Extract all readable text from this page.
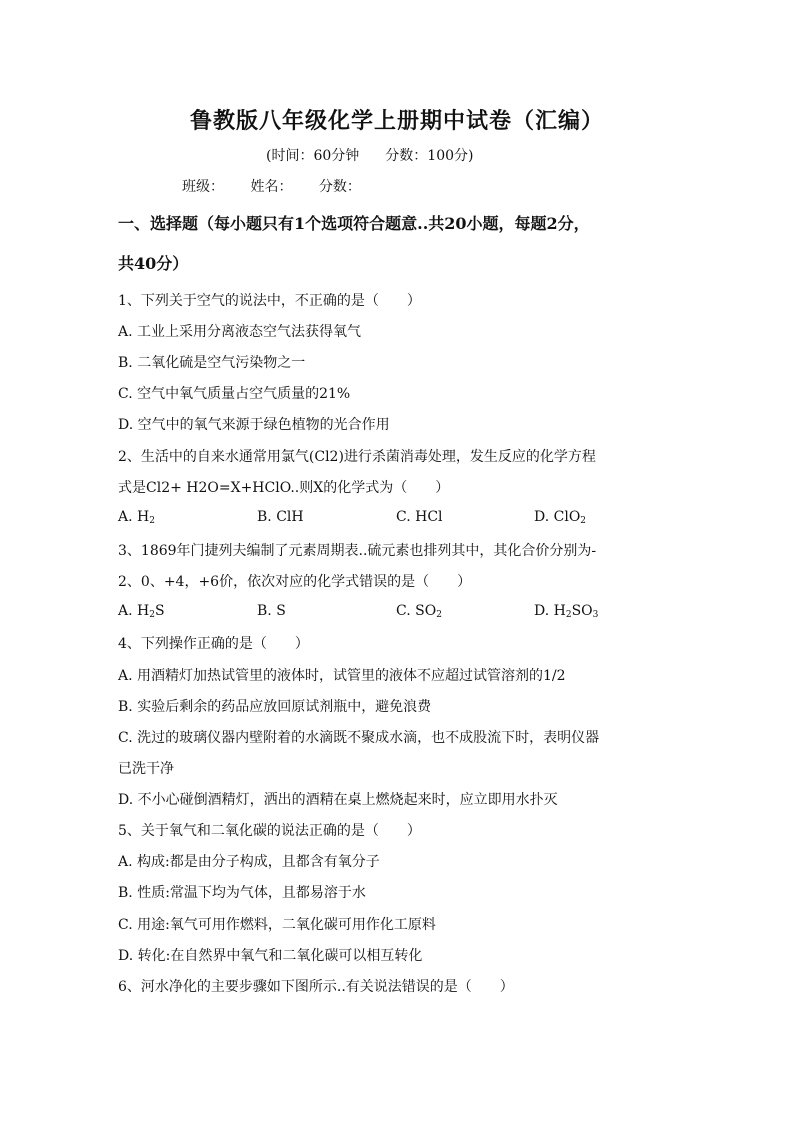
鲁教版八年级化学上册期中试卷（汇编）
(时间：60分钟 分数：100分)
班级： 姓名： 分数：
一、选择题（每小题只有1个选项符合题意..共20小题，每题2分，
共40分）
1、下列关于空气的说法中，不正确的是（　　）
A. 工业上采用分离液态空气法获得氧气
B. 二氧化硫是空气污染物之一
C. 空气中氧气质量占空气质量的21%
D. 空气中的氧气来源于绿色植物的光合作用
2、生活中的自来水通常用氯气(Cl2)进行杀菌消毒处理，发生反应的化学方程
式是Cl2+ H2O=X+HClO..则X的化学式为（　　）
A. $H_2$	B. ClH	C. HCl	D. ClO$_2$
3、1869年门捷列夫编制了元素周期表..硫元素也排列其中，其化合价分别为-
2、0、+4，+6价，依次对应的化学式错误的是（　　）
A. $H_2S$	B. S	C. $SO_2$	D. $H_2SO_3$
4、下列操作正确的是（　　）
A. 用酒精灯加热试管里的液体时，试管里的液体不应超过试管溶剂的1/2
B. 实验后剩余的药品应放回原试剂瓶中，避免浪费
C. 洗过的玻璃仪器内壁附着的水滴既不聚成水滴，也不成股流下时，表明仪器
已洗干净
D. 不小心碰倒酒精灯，洒出的酒精在桌上燃烧起来时，应立即用水扑灭
5、关于氧气和二氧化碳的说法正确的是（　　）
A. 构成:都是由分子构成，且都含有氧分子
B. 性质:常温下均为气体，且都易溶于水
C. 用途:氧气可用作燃料，二氧化碳可用作化工原料
D. 转化:在自然界中氧气和二氧化碳可以相互转化
6、河水净化的主要步骤如下图所示..有关说法错误的是（　　）
